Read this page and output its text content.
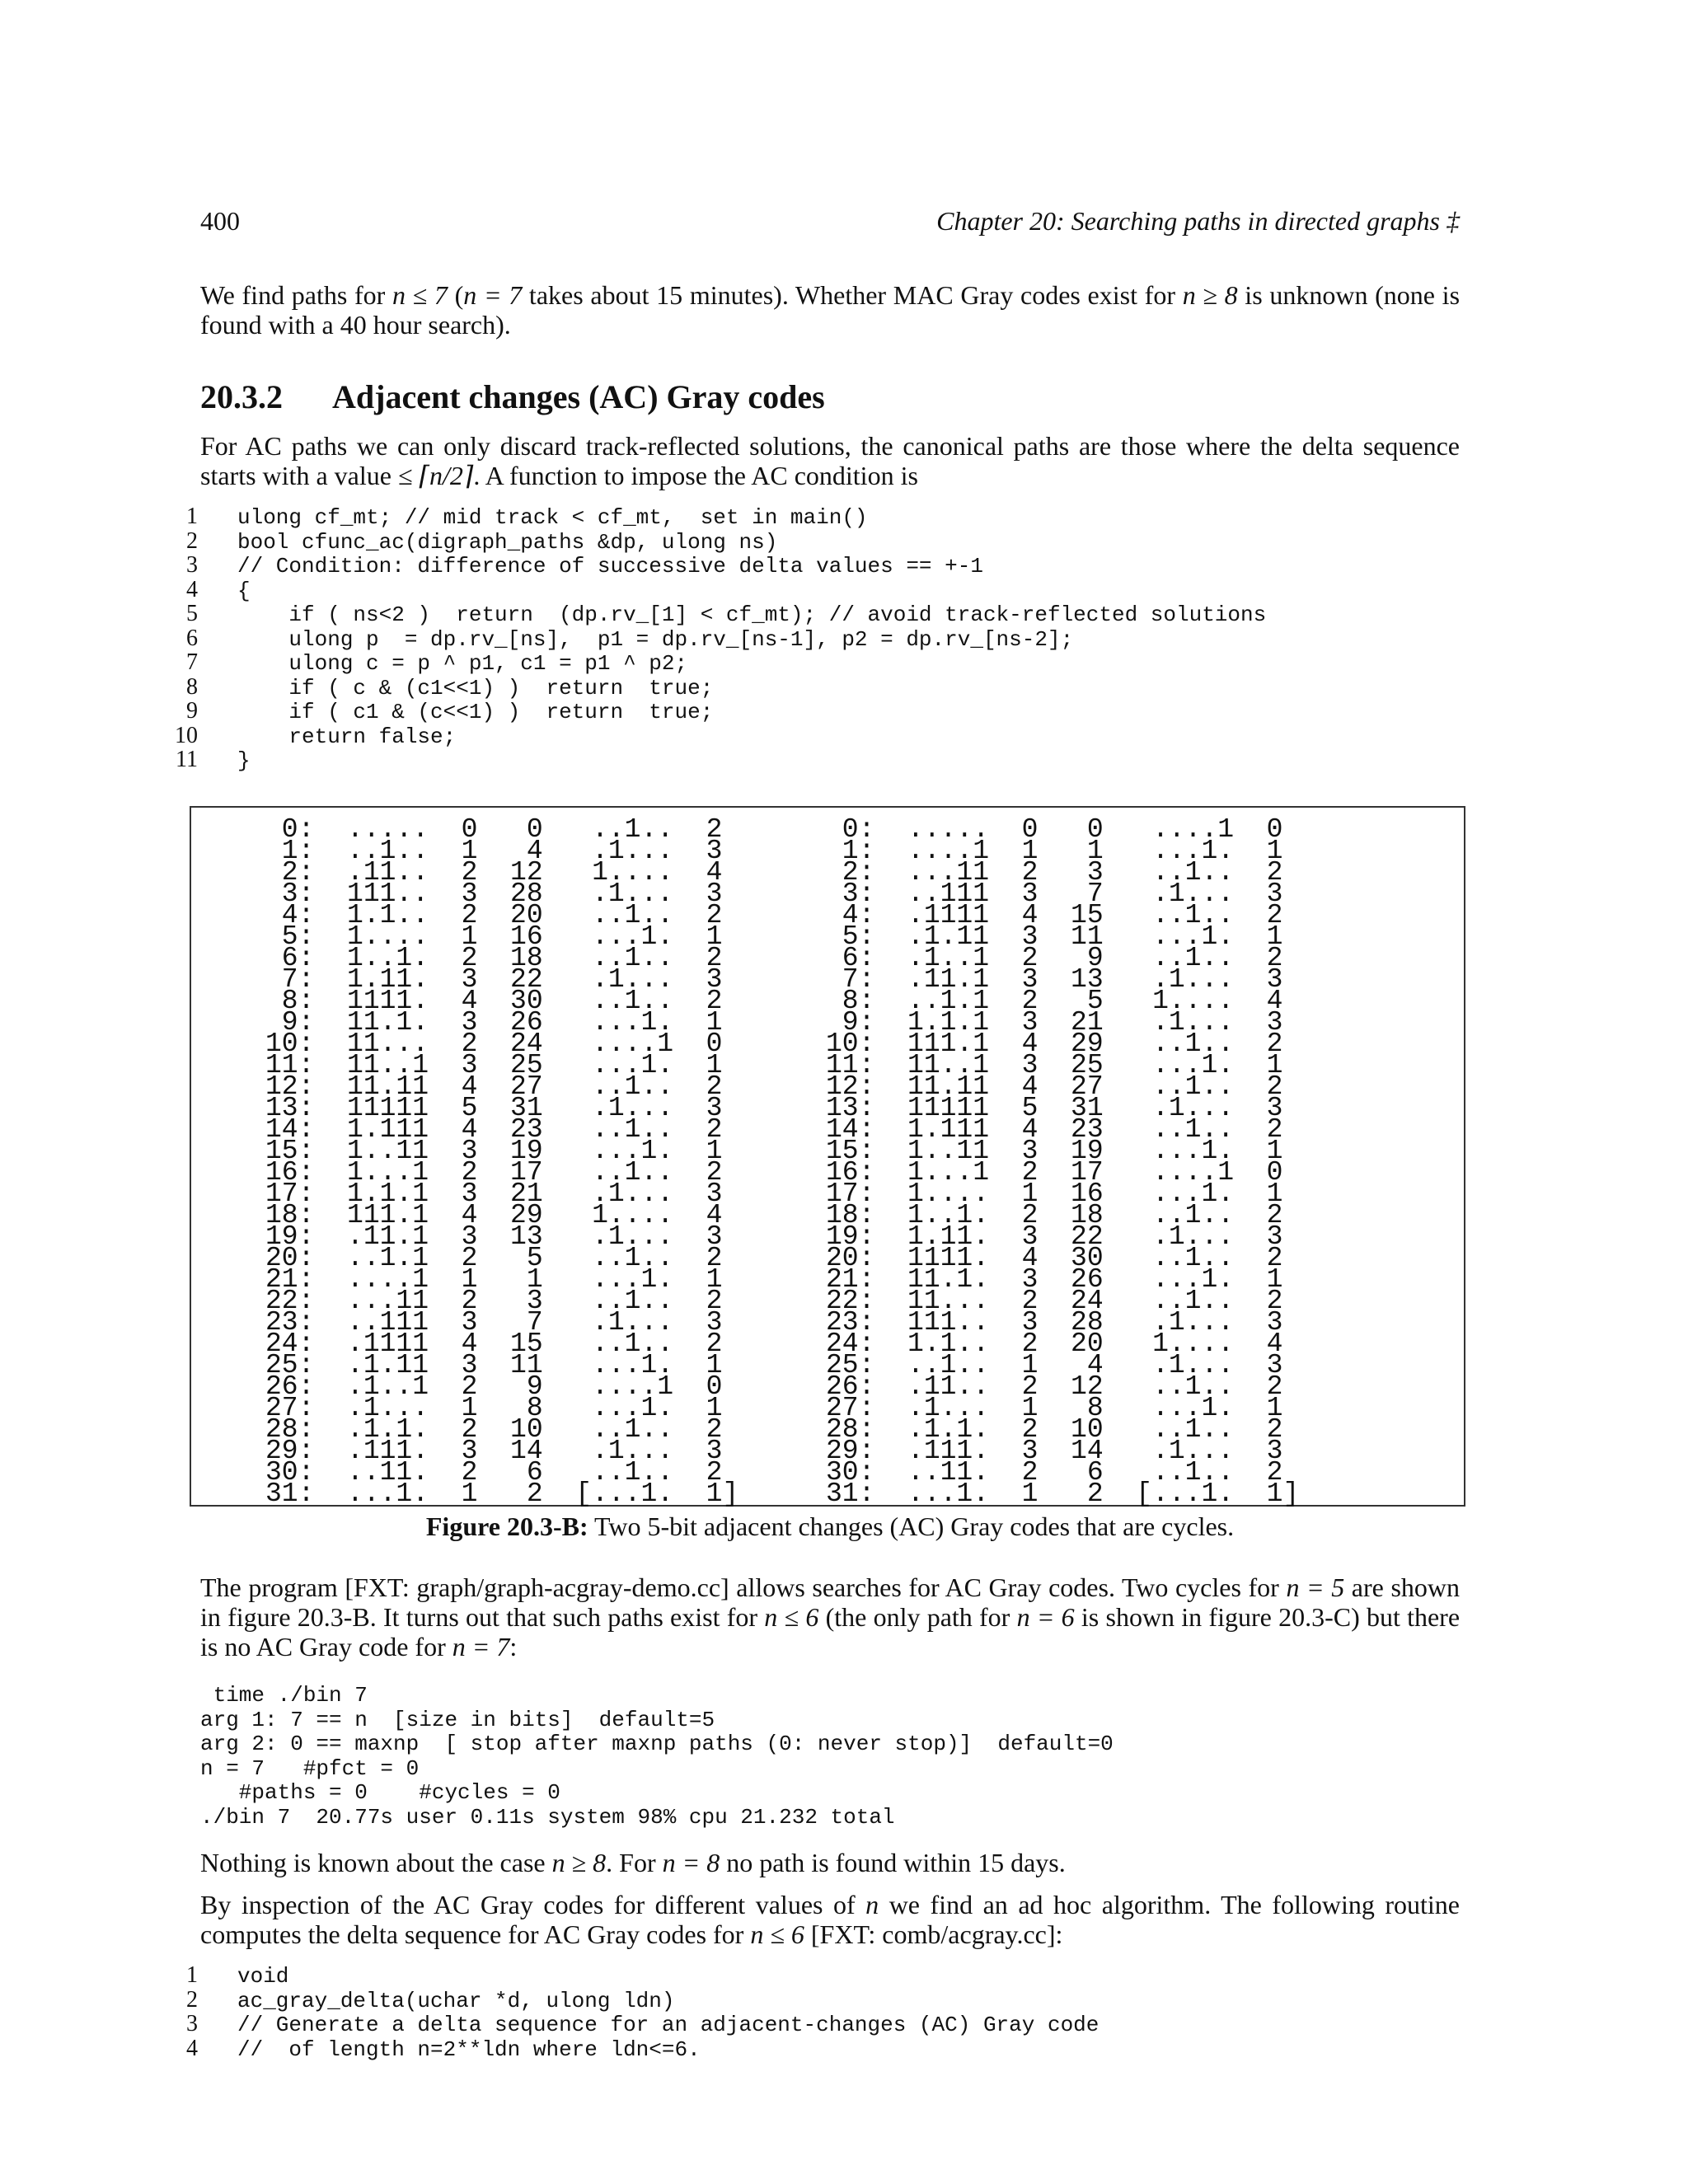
400	Chapter 20: Searching paths in directed graphs ‡

We find paths for n ≤ 7 (n = 7 takes about 15 minutes). Whether MAC Gray codes exist for n ≥ 8 is unknown (none is found with a 40 hour search).

20.3.2 Adjacent changes (AC) Gray codes

For AC paths we can only discard track-reflected solutions, the canonical paths are those where the delta sequence starts with a value ≤ ⌈n/2⌉. A function to impose the AC condition is

1 ulong cf_mt; // mid track < cf_mt,  set in main()
2 bool cfunc_ac(digraph_paths &dp, ulong ns)
3 // Condition: difference of successive delta values == +-1
4 {
5    if ( ns<2 )  return  (dp.rv_[1] < cf_mt); // avoid track-reflected solutions
6    ulong p  = dp.rv_[ns],  p1 = dp.rv_[ns-1], p2 = dp.rv_[ns-2];
7    ulong c = p ^ p1, c1 = p1 ^ p2;
8    if ( c & (c1<<1) )  return  true;
9    if ( c1 & (c<<1) )  return  true;
10    return false;
11 }
0:  .....  0   0   ..1..  2
1:  ..1..  1   4   .1...  3
2:  .11..  2  12   1....  4
3:  111..  3  28   .1...  3
4:  1.1..  2  20   ..1..  2
5:  1....  1  16   ...1.  1
6:  1..1.  2  18   ..1..  2
7:  1.11.  3  22   .1...  3
8:  1111.  4  30   ..1..  2
9:  11.1.  3  26   ...1.  1
10:  11...  2  24   ....1  0
11:  11..1  3  25   ...1.  1
12:  11.11  4  27   ..1..  2
13:  11111  5  31   .1...  3
14:  1.111  4  23   ..1..  2
15:  1..11  3  19   ...1.  1
16:  1...1  2  17   ..1..  2
17:  1.1.1  3  21   .1...  3
18:  111.1  4  29   1....  4
19:  .11.1  3  13   .1...  3
20:  ..1.1  2   5   ..1..  2
21:  ....1  1   1   ...1.  1
22:  ...11  2   3   ..1..  2
23:  ..111  3   7   .1...  3
24:  .1111  4  15   ..1..  2
25:  .1.11  3  11   ...1.  1
26:  .1..1  2   9   ....1  0
27:  .1...  1   8   ...1.  1
28:  .1.1.  2  10   ..1..  2
29:  .111.  3  14   .1...  3
30:  ..11.  2   6   ..1..  2
31:  ...1.  1   2  [...1.  1]
0:  .....  0   0   ....1  0
1:  ....1  1   1   ...1.  1
2:  ...11  2   3   ..1..  2
3:  ..111  3   7   .1...  3
4:  .1111  4  15   ..1..  2
5:  .1.11  3  11   ...1.  1
6:  .1..1  2   9   ..1..  2
7:  .11.1  3  13   .1...  3
8:  ..1.1  2   5   1....  4
9:  1.1.1  3  21   .1...  3
10:  111.1  4  29   ..1..  2
11:  11..1  3  25   ...1.  1
12:  11.11  4  27   ..1..  2
13:  11111  5  31   .1...  3
14:  1.111  4  23   ..1..  2
15:  1..11  3  19   ...1.  1
16:  1...1  2  17   ....1  0
17:  1....  1  16   ...1.  1
18:  1..1.  2  18   ..1..  2
19:  1.11.  3  22   .1...  3
20:  1111.  4  30   ..1..  2
21:  11.1.  3  26   ...1.  1
22:  11...  2  24   ..1..  2
23:  111..  3  28   .1...  3
24:  1.1..  2  20   1....  4
25:  ..1..  1   4   .1...  3
26:  .11..  2  12   ..1..  2
27:  .1...  1   8   ...1.  1
28:  .1.1.  2  10   ..1..  2
29:  .111.  3  14   .1...  3
30:  ..11.  2   6   ..1..  2
31:  ...1.  1   2  [...1.  1]
Figure 20.3-B: Two 5-bit adjacent changes (AC) Gray codes that are cycles.

The program [FXT: graph/graph-acgray-demo.cc] allows searches for AC Gray codes. Two cycles for n = 5 are shown in figure 20.3-B. It turns out that such paths exist for n ≤ 6 (the only path for n = 6 is shown in figure 20.3-C) but there is no AC Gray code for n = 7:

time ./bin 7
arg 1: 7 == n  [size in bits]  default=5
arg 2: 0 == maxnp  [ stop after maxnp paths (0: never stop)]  default=0
n = 7   #pfct = 0
#paths = 0    #cycles = 0
./bin 7  20.77s user 0.11s system 98% cpu 21.232 total

Nothing is known about the case n ≥ 8. For n = 8 no path is found within 15 days.

By inspection of the AC Gray codes for different values of n we find an ad hoc algorithm. The following routine computes the delta sequence for AC Gray codes for n ≤ 6 [FXT: comb/acgray.cc]:

1 void
2 ac_gray_delta(uchar *d, ulong ldn)
3 // Generate a delta sequence for an adjacent-changes (AC) Gray code
4 //  of length n=2**ldn where ldn<=6.
